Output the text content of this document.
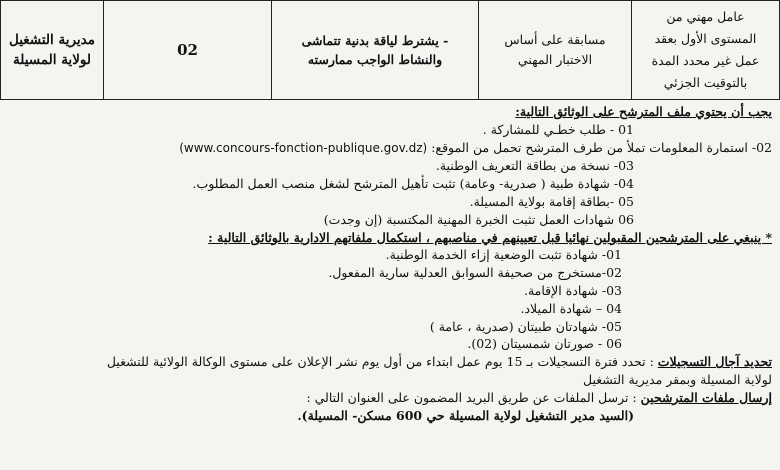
مديرية التشغيل
لولاية المسيلة
	02	
- يشترط لياقة بدنية تتماشى
والنشاط الواجب ممارسته

مسابقة على أساس
الاختبار المهني

عامل مهني من
المستوى الأول بعقد
عمل غير محدد المدة
بالتوقيت الجزئي

يجب أن يحتوي ملف المترشح على الوثائق التالية:

01 - طلب خطـي للمشاركة .

02- استمارة المعلومات تملأ من طرف المترشح تحمل من الموقع: (www.concours-fonction-publique.gov.dz)

03- نسخة من بطاقة التعريف الوطنية.

04- شهادة طبية ( صدرية- وعامة) تثبت تأهيل المترشح لشغل منصب العمل المطلوب.

05 -بطاقة إقامة بولاية المسيلة.

06 شهادات العمل تثبت الخبرة المهنية المكتسبة (إن وجدت)

* ينبغي على المترشحين المقبولين نهائيا قبل تعيينهم في مناصبهم ، استكمال ملفاتهم الادارية بالوثائق التالية :

01- شهادة تثبت الوضعية إزاء الخدمة الوطنية.

02-مستخرج من صحيفة السوابق العدلية سارية المفعول.

03- شهادة الإقامة.

04 – شهادة الميلاد.

05- شهادتان طبيتان (صدرية ، عامة )

06 - صورتان شمسيتان (02).

تحديد آجال التسجيلات : تحدد فترة التسجيلات بـ 15 يوم عمل ابتداء من أول يوم نشر الإعلان على مستوى الوكالة الولائية للتشغيل

لولاية المسيلة وبمقر مديرية التشغيل

إرسال ملفات المترشحين : ترسل الملفات عن طريق البريد المضمون على العنوان التالي :

(السيد مدير التشغيل لولاية المسيلة حي 600 مسكن- المسيلة).
